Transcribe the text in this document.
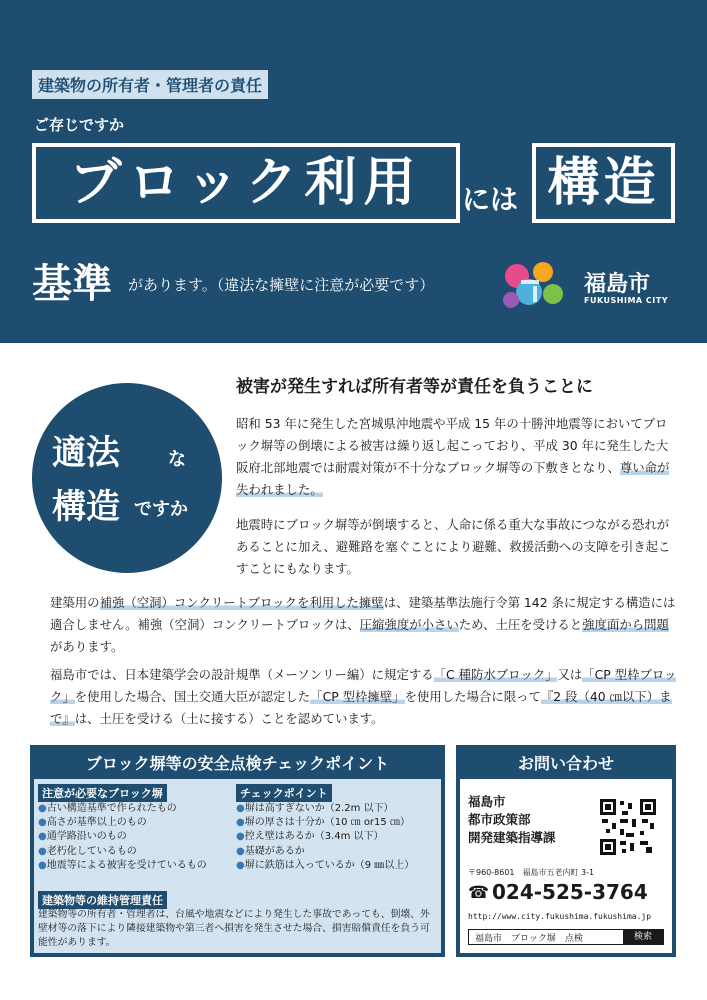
建築物の所有者・管理者の責任
ご存じですか
ブロック利用	には 構造
基準 があります。（違法な擁壁に注意が必要です）	福島市
FUKUSHIMA CITY
適法	な
構造 ですか
被害が発生すれば所有者等が責任を負うことに
昭和 53 年に発生した宮城県沖地震や平成 15 年の十勝沖地震等においてブロック塀等の倒壊による被害は繰り返し起こっており、平成 30 年に発生した大阪府北部地震では耐震対策が不十分なブロック塀等の下敷きとなり、尊い命が失われました。
地震時にブロック塀等が倒壊すると、人命に係る重大な事故につながる恐れがあることに加え、避難路を塞ぐことにより避難、救援活動への支障を引き起こすことにもなります。
建築用の補強（空洞）コンクリートブロックを利用した擁壁は、建築基準法施行令第 142 条に規定する構造には適合しません。補強（空洞）コンクリートブロックは、圧縮強度が小さいため、土圧を受けると強度面から問題があります。
福島市では、日本建築学会の設計規準（メーソンリー編）に規定する「C 種防水ブロック」又は「CP 型枠ブロック」を使用した場合、国土交通大臣が認定した「CP 型枠擁壁」を使用した場合に限って『2 段（40 ㎝以下）まで』は、土圧を受ける（土に接する）ことを認めています。
ブロック塀等の安全点検チェックポイント
注意が必要なブロック塀
●古い構造基準で作られたもの
●高さが基準以上のもの
●通学路沿いのもの
●老朽化しているもの
●地震等による被害を受けているもの
チェックポイント
●塀は高すぎないか（2.2m 以下）
●塀の厚さは十分か（10 ㎝ or15 ㎝）
●控え壁はあるか（3.4m 以下）
●基礎があるか
●塀に鉄筋は入っているか（9 ㎜以上）
建築物等の維持管理責任
建築物等の所有者・管理者は、台風や地震などにより発生した事故であっても、倒壊、外壁材等の落下により隣接建築物や第三者へ損害を発生させた場合、損害賠償責任を負う可能性があります。
お問い合わせ
福島市
都市政策部
開発建築指導課
〒960-8601　福島市五老内町 3-1
☎ 024-525-3764
http://www.city.fukushima.fukushima.jp
福島市　ブロック塀　点検	検索
